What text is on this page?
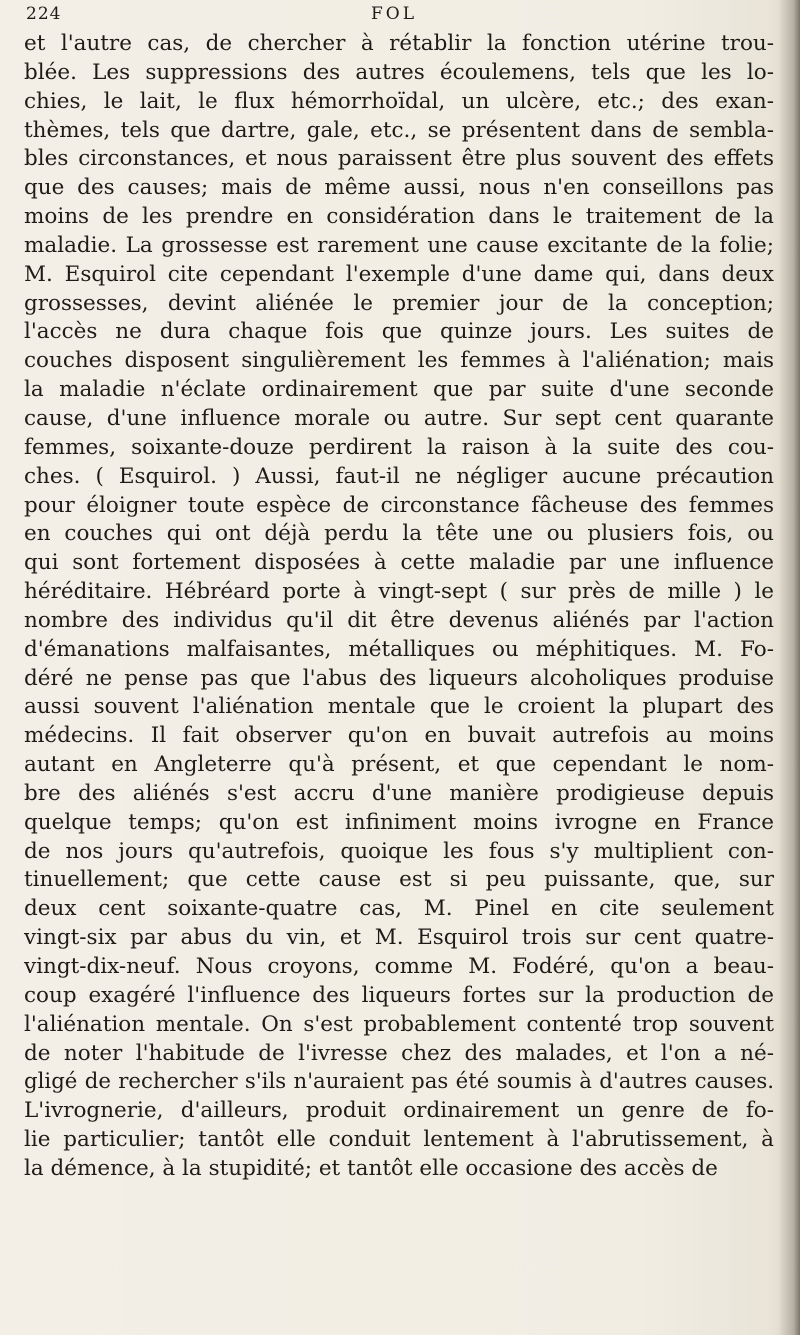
224	FOL
et l'autre cas, de chercher à rétablir la fonction utérine trou-
blée. Les suppressions des autres écoulemens, tels que les lo-
chies, le lait, le flux hémorrhoïdal, un ulcère, etc.; des exan-
thèmes, tels que dartre, gale, etc., se présentent dans de sembla-
bles circonstances, et nous paraissent être plus souvent des effets
que des causes; mais de même aussi, nous n'en conseillons pas
moins de les prendre en considération dans le traitement de la
maladie. La grossesse est rarement une cause excitante de la folie;
M. Esquirol cite cependant l'exemple d'une dame qui, dans deux
grossesses, devint aliénée le premier jour de la conception;
l'accès ne dura chaque fois que quinze jours. Les suites de
couches disposent singulièrement les femmes à l'aliénation; mais
la maladie n'éclate ordinairement que par suite d'une seconde
cause, d'une influence morale ou autre. Sur sept cent quarante
femmes, soixante-douze perdirent la raison à la suite des cou-
ches. ( Esquirol. ) Aussi, faut-il ne négliger aucune précaution
pour éloigner toute espèce de circonstance fâcheuse des femmes
en couches qui ont déjà perdu la tête une ou plusiers fois, ou
qui sont fortement disposées à cette maladie par une influence
héréditaire. Hébréard porte à vingt-sept ( sur près de mille ) le
nombre des individus qu'il dit être devenus aliénés par l'action
d'émanations malfaisantes, métalliques ou méphitiques. M. Fo-
déré ne pense pas que l'abus des liqueurs alcoholiques produise
aussi souvent l'aliénation mentale que le croient la plupart des
médecins. Il fait observer qu'on en buvait autrefois au moins
autant en Angleterre qu'à présent, et que cependant le nom-
bre des aliénés s'est accru d'une manière prodigieuse depuis
quelque temps; qu'on est infiniment moins ivrogne en France
de nos jours qu'autrefois, quoique les fous s'y multiplient con-
tinuellement; que cette cause est si peu puissante, que, sur
deux cent soixante-quatre cas, M. Pinel en cite seulement
vingt-six par abus du vin, et M. Esquirol trois sur cent quatre-
vingt-dix-neuf. Nous croyons, comme M. Fodéré, qu'on a beau-
coup exagéré l'influence des liqueurs fortes sur la production de
l'aliénation mentale. On s'est probablement contenté trop souvent
de noter l'habitude de l'ivresse chez des malades, et l'on a né-
gligé de rechercher s'ils n'auraient pas été soumis à d'autres causes.
L'ivrognerie, d'ailleurs, produit ordinairement un genre de fo-
lie particulier; tantôt elle conduit lentement à l'abrutissement, à
la démence, à la stupidité; et tantôt elle occasione des accès de
